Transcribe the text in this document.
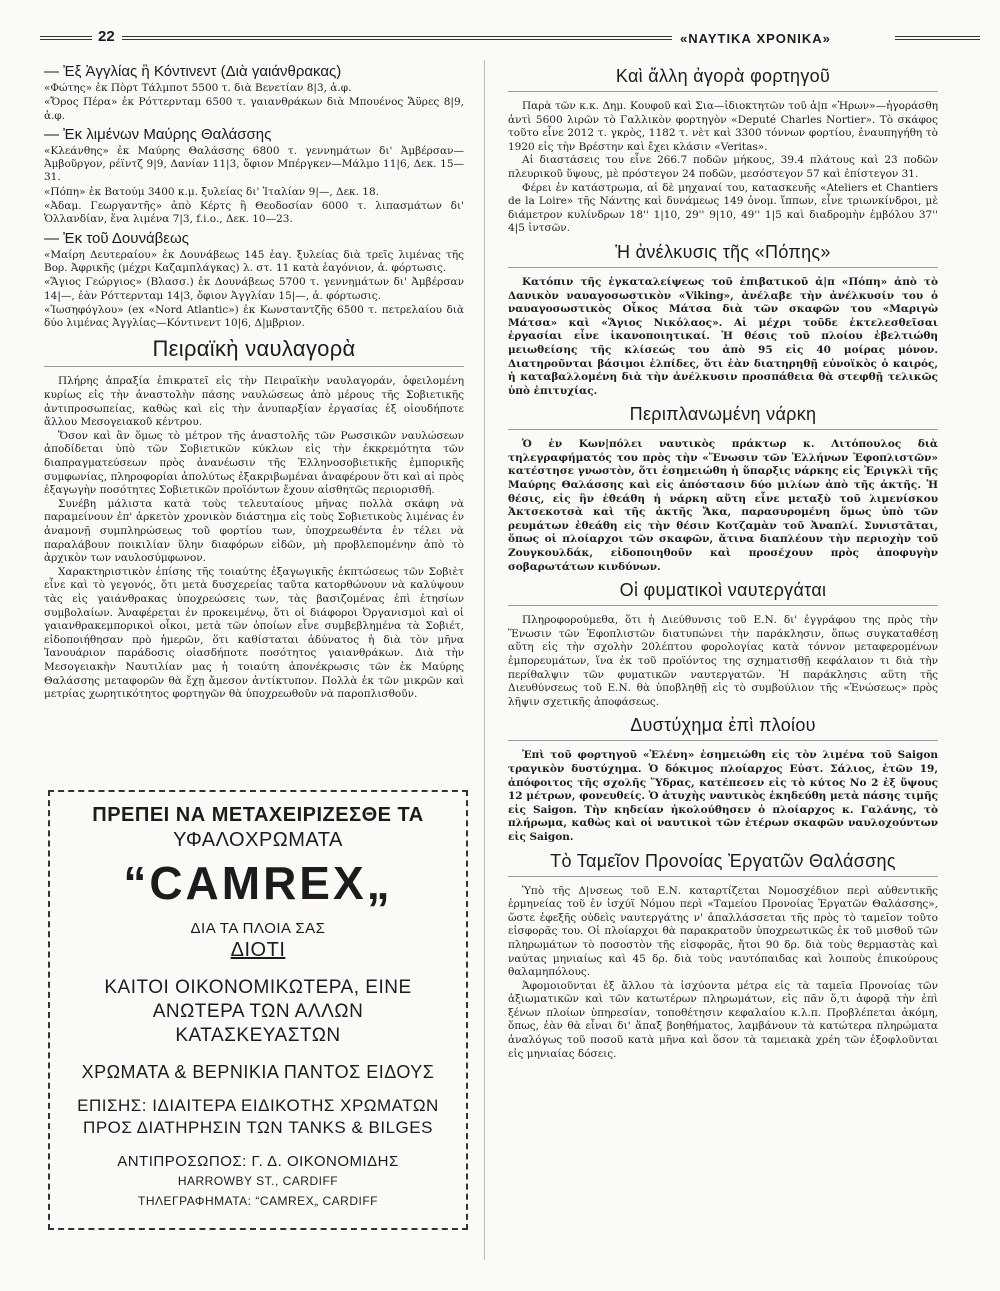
22	«ΝΑΥΤΙΚΑ ΧΡΟΝΙΚΑ»
— Ἐξ Ἀγγλίας ἢ Κόντινεντ (Διὰ γαιάνθρακας)
«Φώτης» ἐκ Πὸρτ Τάλμποτ 5500 τ. διὰ Βενετίαν 8|3, ἀ.φ.
«Ὄρος Πέρα» ἐκ Ρόττερνταμ 6500 τ. γαιανθράκων διὰ Μπουένος Ἄϋρες 8|9, ἀ.φ.
— Ἐκ λιμένων Μαύρης Θαλάσσης
«Κλεάνθης» ἐκ Μαύρης Θαλάσσης 6800 τ. γεννημάτων δι' Ἀμβέρσαν—Ἀμβοῦργον, ρέϊντζ 9|9, Δανίαν 11|3, ὄφιον Μπέργκεν—Μάλμο 11|6, Δεκ. 15—31.
«Πόπη» ἐκ Βατούμ 3400 κ.μ. ξυλείας δι' Ἰταλίαν 9|—, Δεκ. 18.
«Ἀδαμ. Γεωργαντῆς» ἀπὸ Κέρτς ἢ Θεοδοσίαν 6000 τ. λιπασμάτων δι' Ὁλλανδίαν, ἕνα λιμένα 7|3, f.i.o., Δεκ. 10—23.
— Ἐκ τοῦ Δουνάβεως
«Μαίρη Δευτεραίου» ἐκ Δουνάβεως 145 ἑαγ. ξυλείας διὰ τρεῖς λιμένας τῆς Βορ. Ἀφρικῆς (μέχρι Καζαμπλάγκας) λ. στ. 11 κατὰ ἑαγόνιον, ἀ. φόρτωσις.
«Ἅγιος Γεώργιος» (Βλασσ.) ἐκ Δουνάβεως 5700 τ. γεννημάτων δι' Ἀμβέρσαν 14|—, ἐὰν Ρόττερνταμ 14|3, ὄφιον Ἀγγλίαν 15|—, ἀ. φόρτωσις.
«Ἰωσηφόγλου» (ex «Nord Atlantic») ἐκ Κωνσταντζῆς 6500 τ. πετρελαίου διὰ δύο λιμένας Ἀγγλίας—Κόντινεντ 10|6, Δ|μβριον.
Πειραϊκὴ ναυλαγορὰ
Πλήρης ἀπραξία ἐπικρατεῖ εἰς τὴν Πειραϊκὴν ναυλαγοράν, ὀφειλομένη κυρίως εἰς τὴν ἀναστολὴν πάσης ναυλώσεως ἀπὸ μέρους τῆς Σοβιετικῆς ἀντιπροσωπείας, καθὼς καὶ εἰς τὴν ἀνυπαρξίαν ἐργασίας ἐξ οἱουδήποτε ἄλλου Μεσογειακοῦ κέντρου.
Ὅσον καὶ ἂν ὅμως τὸ μέτρον τῆς ἀναστολῆς τῶν Ρωσσικῶν ναυλώσεων ἀποδίδεται ὑπὸ τῶν Σοβιετικῶν κύκλων εἰς τὴν ἐκκρεμότητα τῶν διαπραγματεύσεων πρὸς ἀνανέωσιν τῆς Ἑλληνοσοβιετικῆς ἐμπορικῆς συμφωνίας, πληροφορίαι ἀπολύτως ἐξακριβωμέναι ἀναφέρουν ὅτι καὶ αἱ πρὸς ἐξαγωγὴν ποσότητες Σοβιετικῶν προϊόντων ἔχουν αἰσθητῶς περιορισθῆ.
Συνέβη μάλιστα κατὰ τοὺς τελευταίους μῆνας πολλὰ σκάφη νὰ παραμείνουν ἐπ' ἀρκετὸν χρονικὸν διάστημα εἰς τοὺς Σοβιετικοὺς λιμένας ἐν ἀναμονῇ συμπληρώσεως τοῦ φορτίου των, ὑποχρεωθέντα ἐν τέλει νὰ παραλάβουν ποικιλίαν ὕλην διαφόρων εἰδῶν, μὴ προβλεπομένην ἀπὸ τὸ ἀρχικὸν των ναυλοσύμφωνον.
Χαρακτηριστικὸν ἐπίσης τῆς τοιαύτης ἐξαγωγικῆς ἐκπτώσεως τῶν Σοβιὲτ εἶνε καὶ τὸ γεγονός, ὅτι μετὰ δυσχερείας ταῦτα κατορθώνουν νὰ καλύψουν τὰς εἰς γαιάνθρακας ὑποχρεώσεις των, τὰς βασιζομένας ἐπὶ ἐτησίων συμβολαίων. Ἀναφέρεται ἐν προκειμένῳ, ὅτι οἱ διάφοροι Ὀργανισμοὶ καὶ οἱ γαιανθρακεμπορικοὶ οἶκοι, μετὰ τῶν ὁποίων εἶνε συμβεβλημένα τὰ Σοβιέτ, εἰδοποιήθησαν πρὸ ἡμερῶν, ὅτι καθίσταται ἀδύνατος ἡ διὰ τὸν μῆνα Ἰανουάριον παράδοσις οἱασδήποτε ποσότητος γαιανθράκων. Διὰ τὴν Μεσογειακὴν Ναυτιλίαν μας ἡ τοιαύτη ἀπονέκρωσις τῶν ἐκ Μαύρης Θαλάσσης μεταφορῶν θὰ ἔχῃ ἄμεσον ἀντίκτυπον. Πολλὰ ἐκ τῶν μικρῶν καὶ μετρίας χωρητικότητος φορτηγῶν θὰ ὑποχρεωθοῦν νὰ παροπλισθοῦν.
ΠΡΕΠΕΙ ΝΑ ΜΕΤΑΧΕΙΡΙΖΕΣΘΕ ΤΑ
ΥΦΑΛΟΧΡΩΜΑΤΑ
“CAMREX„
ΔΙΑ ΤΑ ΠΛΟΙΑ ΣΑΣ
ΔΙΟΤΙ
ΚΑΙΤΟΙ ΟΙΚΟΝΟΜΙΚΩΤΕΡΑ, ΕΙΝΕ ΑΝΩΤΕΡΑ ΤΩΝ ΑΛΛΩΝ ΚΑΤΑΣΚΕΥΑΣΤΩΝ
ΧΡΩΜΑΤΑ & ΒΕΡΝΙΚΙΑ ΠΑΝΤΟΣ ΕΙΔΟΥΣ
ΕΠΙΣΗΣ: ΙΔΙΑΙΤΕΡΑ ΕΙΔΙΚΟΤΗΣ ΧΡΩΜΑΤΩΝ ΠΡΟΣ ΔΙΑΤΗΡΗΣΙΝ ΤΩΝ TANKS & BILGES
ΑΝΤΙΠΡΟΣΩΠΟΣ: Γ. Δ. ΟΙΚΟΝΟΜΙΔΗΣ
HARROWBY ST., CARDIFF
ΤΗΛΕΓΡΑΦΗΜΑΤΑ: “CAMREX„ CARDIFF
Καὶ ἄλλη ἀγορὰ φορτηγοῦ
Παρὰ τῶν κ.κ. Δημ. Κουφοῦ καὶ Σια—ἰδιοκτητῶν τοῦ ἀ|π «Ἡρων»—ἠγοράσθη ἀντὶ 5600 λιρῶν τὸ Γαλλικὸν φορτηγὸν «Deputé Charles Nortier». Τὸ σκάφος τοῦτο εἶνε 2012 τ. γκρὸς, 1182 τ. νὲτ καὶ 3300 τόννων φορτίου, ἐναυπηγήθη τὸ 1920 εἰς τὴν Βρέστην καὶ ἔχει κλάσιν «Veritas».
Αἱ διαστάσεις του εἶνε 266.7 ποδῶν μήκους, 39.4 πλάτους καὶ 23 ποδῶν πλευρικοῦ ὕψους, μὲ πρόστεγον 24 ποδῶν, μεσόστεγον 57 καὶ ἐπίστεγον 31.
Φέρει ἐν κατάστρωμα, αἱ δὲ μηχαναί του, κατασκευῆς «Ateliers et Chantiers de la Loire» τῆς Νάντης καὶ δυνάμεως 149 ὀνομ. ἵππων, εἶνε τριωνκίνδροι, μὲ διάμετρον κυλίνδρων 18'' 1|10, 29'' 9|10, 49'' 1|5 καὶ διαδρομὴν ἐμβόλου 37'' 4|5 ἰντσῶν.
Ἡ ἀνέλκυσις τῆς «Πόπης»
Κατόπιν τῆς ἐγκαταλείψεως τοῦ ἐπιβατικοῦ ἀ|π «Πόπη» ἀπὸ τὸ Δανικὸν ναυαγοσωστικὸν «Viking», ἀνέλαβε τὴν ἀνέλκυσίν του ὁ ναυαγοσωστικὸς Οἶκος Μάτσα διὰ τῶν σκαφῶν του «Μαριγὼ Μάτσα» καὶ «Ἅγιος Νικόλαος». Αἱ μέχρι τοῦδε ἐκτελεσθεῖσαι ἐργασίαι εἶνε ἱκανοποιητικαί. Ἡ θέσις τοῦ πλοίου ἐβελτιώθη μειωθείσης τῆς κλίσεώς του ἀπὸ 95 εἰς 40 μοίρας μόνον. Διατηροῦνται βάσιμοι ἐλπίδες, ὅτι ἐὰν διατηρηθῇ εὐνοϊκὸς ὁ καιρός, ἡ καταβαλλομένη διὰ τὴν ἀνέλκυσιν προσπάθεια θὰ στεφθῇ τελικῶς ὑπὸ ἐπιτυχίας.
Περιπλανωμένη νάρκη
Ὁ ἐν Κων|πόλει ναυτικὸς πράκτωρ κ. Λιτόπουλος διὰ τηλεγραφήματός του πρὸς τὴν «Ἕνωσιν τῶν Ἑλλήνων Ἐφοπλιστῶν» κατέστησε γνωστὸν, ὅτι ἐσημειώθη ἡ ὕπαρξις νάρκης εἰς Ἐριγκλὶ τῆς Μαύρης Θαλάσσης καὶ εἰς ἀπόστασιν δύο μιλίων ἀπὸ τῆς ἀκτῆς. Ἡ θέσις, εἰς ἣν ἐθεάθη ἡ νάρκη αὕτη εἶνε μεταξὺ τοῦ λιμενίσκου Ἀκτσεκοτσὰ καὶ τῆς ἀκτῆς Ἄκα, παρασυρομένη ὅμως ὑπὸ τῶν ρευμάτων ἐθεάθη εἰς τὴν θέσιν Κοτζαμὰν τοῦ Ἀναπλί. Συνιστᾶται, ὅπως οἱ πλοίαρχοι τῶν σκαφῶν, ἅτινα διαπλέουν τὴν περιοχὴν τοῦ Ζουγκουλδάκ, εἰδοποιηθοῦν καὶ προσέχουν πρὸς ἀποφυγὴν σοβαρωτάτων κινδύνων.
Οἱ φυματικοὶ ναυτεργάται
Πληροφορούμεθα, ὅτι ἡ Διεύθυνσις τοῦ Ε.Ν. δι' ἐγγράφου της πρὸς τὴν Ἕνωσιν τῶν Ἐφοπλιστῶν διατυπώνει τὴν παράκλησιν, ὅπως συγκαταθέσῃ αὕτη εἰς τὴν σχολὴν 20λέπτου φορολογίας κατὰ τόννον μεταφερομένων ἐμπορευμάτων, ἵνα ἐκ τοῦ προϊόντος της σχηματισθῇ κεφάλαιον τι διὰ τὴν περίθαλψιν τῶν φυματικῶν ναυτεργατῶν. Ἡ παράκλησις αὕτη τῆς Διευθύνσεως τοῦ Ε.Ν. θὰ ὑποβληθῇ εἰς τὸ συμβούλιον τῆς «Ἑνώσεως» πρὸς λῆψιν σχετικῆς ἀποφάσεως.
Δυστύχημα ἐπὶ πλοίου
Ἐπὶ τοῦ φορτηγοῦ «Ἐλένη» ἐσημειώθη εἰς τὸν λιμένα τοῦ Saigon τραγικὸν δυστύχημα. Ὁ δόκιμος πλοίαρχος Εὐστ. Σάλιος, ἐτῶν 19, ἀπόφοιτος τῆς σχολῆς Ὕδρας, κατέπεσεν εἰς τὸ κύτος Νο 2 ἐξ ὕψους 12 μέτρων, φονευθείς. Ὁ ἀτυχὴς ναυτικὸς ἐκηδεύθη μετὰ πάσης τιμῆς εἰς Saigon. Τὴν κηδείαν ἠκολούθησεν ὁ πλοίαρχος κ. Γαλάνης, τὸ πλήρωμα, καθὼς καὶ οἱ ναυτικοὶ τῶν ἑτέρων σκαφῶν ναυλοχούντων εἰς Saigon.
Τὸ Ταμεῖον Προνοίας Ἐργατῶν Θαλάσσης
Ὑπὸ τῆς Δ|νσεως τοῦ Ε.Ν. καταρτίζεται Νομοσχέδιον περὶ αὐθεντικῆς ἑρμηνείας τοῦ ἐν ἰσχύϊ Νόμου περὶ «Ταμείου Προνοίας Ἐργατῶν Θαλάσσης», ὥστε ἐφεξῆς οὐδεὶς ναυτεργάτης ν' ἀπαλλάσσεται τῆς πρὸς τὸ ταμεῖον τοῦτο εἰσφορᾶς του. Οἱ πλοίαρχοι θὰ παρακρατοῦν ὑποχρεωτικῶς ἐκ τοῦ μισθοῦ τῶν πληρωμάτων τὸ ποσοστὸν τῆς εἰσφορᾶς, ἤτοι 90 δρ. διὰ τοὺς θερμαστὰς καὶ ναύτας μηνιαίως καὶ 45 δρ. διὰ τοὺς ναυτόπαιδας καὶ λοιποὺς ἐπικούρους θαλαμηπόλους.
Ἀφομοιοῦνται ἐξ ἄλλου τὰ ἰσχύοντα μέτρα εἰς τὰ ταμεῖα Προνοίας τῶν ἀξιωματικῶν καὶ τῶν κατωτέρων πληρωμάτων, εἰς πᾶν ὅ,τι ἀφορᾷ τὴν ἐπὶ ξένων πλοίων ὑπηρεσίαν, τοποθέτησιν κεφαλαίου κ.λ.π. Προβλέπεται ἀκόμη, ὅπως, ἐὰν θὰ εἶναι δι' ἅπαξ βοηθήματος, λαμβάνουν τὰ κατώτερα πληρώματα ἀναλόγως τοῦ ποσοῦ κατὰ μῆνα καὶ ὅσον τὰ ταμειακὰ χρέη τῶν ἐξοφλοῦνται εἰς μηνιαίας δόσεις.
